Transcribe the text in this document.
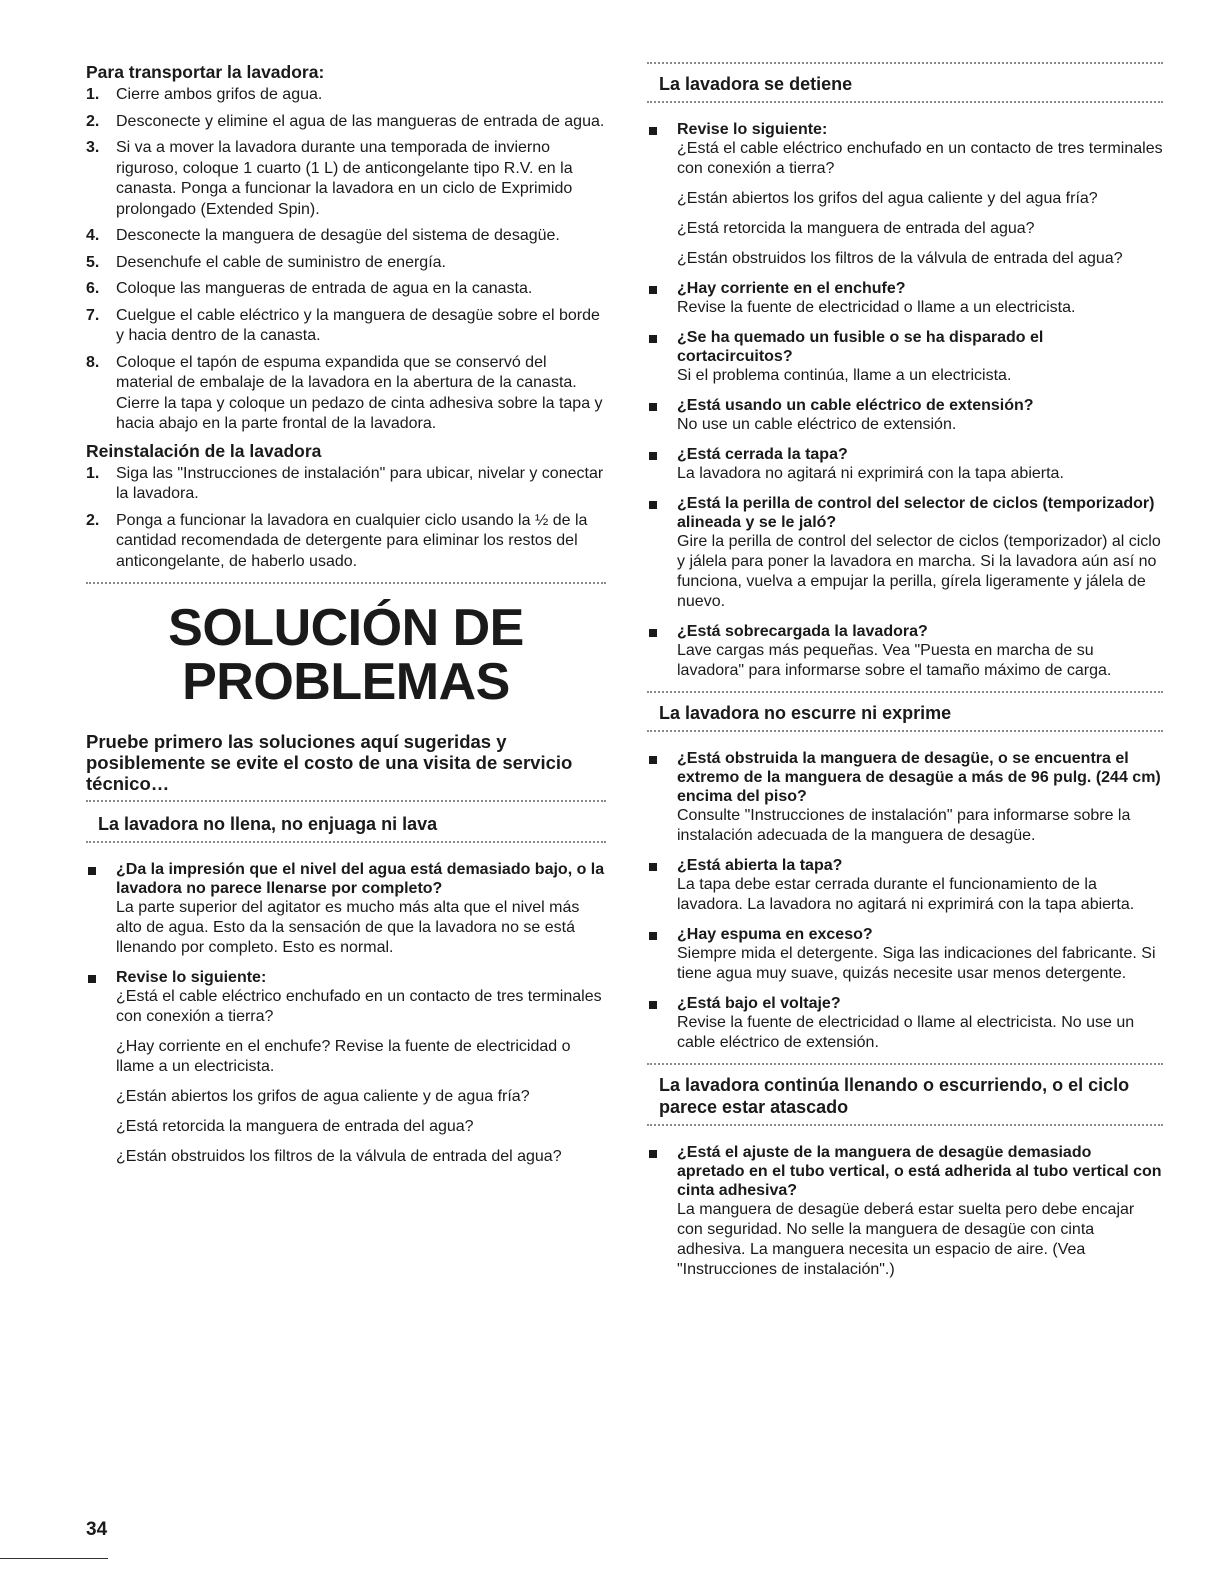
Para transportar la lavadora:
1. Cierre ambos grifos de agua.
2. Desconecte y elimine el agua de las mangueras de entrada de agua.
3. Si va a mover la lavadora durante una temporada de invierno riguroso, coloque 1 cuarto (1 L) de anticongelante tipo R.V. en la canasta. Ponga a funcionar la lavadora en un ciclo de Exprimido prolongado (Extended Spin).
4. Desconecte la manguera de desagüe del sistema de desagüe.
5. Desenchufe el cable de suministro de energía.
6. Coloque las mangueras de entrada de agua en la canasta.
7. Cuelgue el cable eléctrico y la manguera de desagüe sobre el borde y hacia dentro de la canasta.
8. Coloque el tapón de espuma expandida que se conservó del material de embalaje de la lavadora en la abertura de la canasta. Cierre la tapa y coloque un pedazo de cinta adhesiva sobre la tapa y hacia abajo en la parte frontal de la lavadora.
Reinstalación de la lavadora
1. Siga las "Instrucciones de instalación" para ubicar, nivelar y conectar la lavadora.
2. Ponga a funcionar la lavadora en cualquier ciclo usando la ½ de la cantidad recomendada de detergente para eliminar los restos del anticongelante, de haberlo usado.
SOLUCIÓN DE
PROBLEMAS
Pruebe primero las soluciones aquí sugeridas y posiblemente se evite el costo de una visita de servicio técnico…
La lavadora no llena, no enjuaga ni lava
¿Da la impresión que el nivel del agua está demasiado bajo, o la lavadora no parece llenarse por completo?
La parte superior del agitator es mucho más alta que el nivel más alto de agua. Esto da la sensación de que la lavadora no se está llenando por completo. Esto es normal.
Revise lo siguiente:
¿Está el cable eléctrico enchufado en un contacto de tres terminales con conexión a tierra?
¿Hay corriente en el enchufe? Revise la fuente de electricidad o llame a un electricista.
¿Están abiertos los grifos de agua caliente y de agua fría?
¿Está retorcida la manguera de entrada del agua?
¿Están obstruidos los filtros de la válvula de entrada del agua?
La lavadora se detiene
Revise lo siguiente:
¿Está el cable eléctrico enchufado en un contacto de tres terminales con conexión a tierra?
¿Están abiertos los grifos del agua caliente y del agua fría?
¿Está retorcida la manguera de entrada del agua?
¿Están obstruidos los filtros de la válvula de entrada del agua?
¿Hay corriente en el enchufe?
Revise la fuente de electricidad o llame a un electricista.
¿Se ha quemado un fusible o se ha disparado el cortacircuitos?
Si el problema continúa, llame a un electricista.
¿Está usando un cable eléctrico de extensión?
No use un cable eléctrico de extensión.
¿Está cerrada la tapa?
La lavadora no agitará ni exprimirá con la tapa abierta.
¿Está la perilla de control del selector de ciclos (temporizador) alineada y se le jaló?
Gire la perilla de control del selector de ciclos (temporizador) al ciclo y jálela para poner la lavadora en marcha. Si la lavadora aún así no funciona, vuelva a empujar la perilla, gírela ligeramente y jálela de nuevo.
¿Está sobrecargada la lavadora?
Lave cargas más pequeñas. Vea "Puesta en marcha de su lavadora" para informarse sobre el tamaño máximo de carga.
La lavadora no escurre ni exprime
¿Está obstruida la manguera de desagüe, o se encuentra el extremo de la manguera de desagüe a más de 96 pulg. (244 cm) encima del piso?
Consulte "Instrucciones de instalación" para informarse sobre la instalación adecuada de la manguera de desagüe.
¿Está abierta la tapa?
La tapa debe estar cerrada durante el funcionamiento de la lavadora. La lavadora no agitará ni exprimirá con la tapa abierta.
¿Hay espuma en exceso?
Siempre mida el detergente. Siga las indicaciones del fabricante. Si tiene agua muy suave, quizás necesite usar menos detergente.
¿Está bajo el voltaje?
Revise la fuente de electricidad o llame al electricista. No use un cable eléctrico de extensión.
La lavadora continúa llenando o escurriendo, o el ciclo parece estar atascado
¿Está el ajuste de la manguera de desagüe demasiado apretado en el tubo vertical, o está adherida al tubo vertical con cinta adhesiva?
La manguera de desagüe deberá estar suelta pero debe encajar con seguridad. No selle la manguera de desagüe con cinta adhesiva. La manguera necesita un espacio de aire. (Vea "Instrucciones de instalación".)
34
